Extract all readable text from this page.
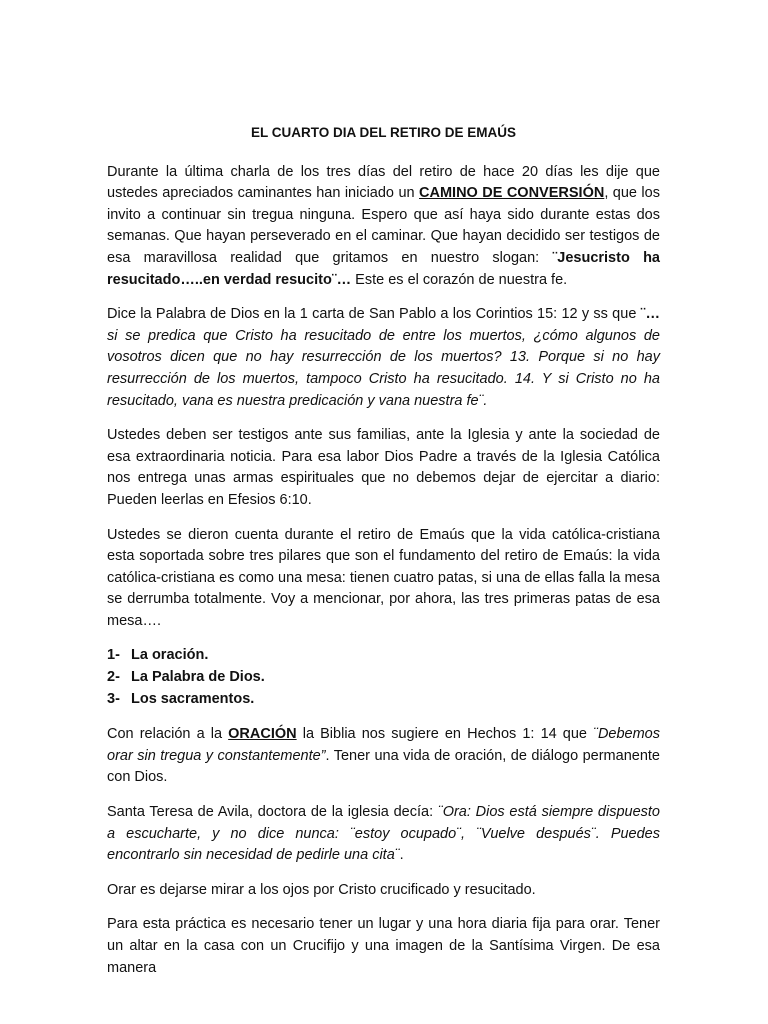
EL CUARTO DIA DEL RETIRO DE EMAÚS

Durante la última charla de los tres días del retiro de hace 20 días les dije que ustedes apreciados caminantes han iniciado un CAMINO DE CONVERSIÓN, que los invito a continuar sin tregua ninguna. Espero que así haya sido durante estas dos semanas. Que hayan perseverado en el caminar. Que hayan decidido ser testigos de esa maravillosa realidad que gritamos en nuestro slogan: ¨Jesucristo ha resucitado…..en verdad resucito¨… Este es el corazón de nuestra fe.

Dice la Palabra de Dios en la 1 carta de San Pablo a los Corintios 15: 12 y ss que ¨…si se predica que Cristo ha resucitado de entre los muertos, ¿cómo algunos de vosotros dicen que no hay resurrección de los muertos? 13. Porque si no hay resurrección de los muertos, tampoco Cristo ha resucitado. 14. Y si Cristo no ha resucitado, vana es nuestra predicación y vana nuestra fe¨.

Ustedes deben ser testigos ante sus familias, ante la Iglesia y ante la sociedad de esa extraordinaria noticia. Para esa labor Dios Padre a través de la Iglesia Católica nos entrega unas armas espirituales que no debemos dejar de ejercitar a diario: Pueden leerlas en Efesios 6:10.

Ustedes se dieron cuenta durante el retiro de Emaús que la vida católica-cristiana esta soportada sobre tres pilares que son el fundamento del retiro de Emaús: la vida católica-cristiana es como una mesa: tienen cuatro patas, si una de ellas falla la mesa se derrumba totalmente. Voy a mencionar, por ahora, las tres primeras patas de esa mesa….

1- La oración.
2- La Palabra de Dios.
3- Los sacramentos.

Con relación a la ORACIÓN la Biblia nos sugiere en Hechos 1: 14 que ¨Debemos orar sin tregua y constantemente”. Tener una vida de oración, de diálogo permanente con Dios.

Santa Teresa de Avila, doctora de la iglesia decía: ¨Ora: Dios está siempre dispuesto a escucharte, y no dice nunca: ¨estoy ocupado¨, ¨Vuelve después¨. Puedes encontrarlo sin necesidad de pedirle una cita¨.

Orar es dejarse mirar a los ojos por Cristo crucificado y resucitado.

Para esta práctica es necesario tener un lugar y una hora diaria fija para orar. Tener un altar en la casa con un Crucifijo y una imagen de la Santísima Virgen. De esa manera
